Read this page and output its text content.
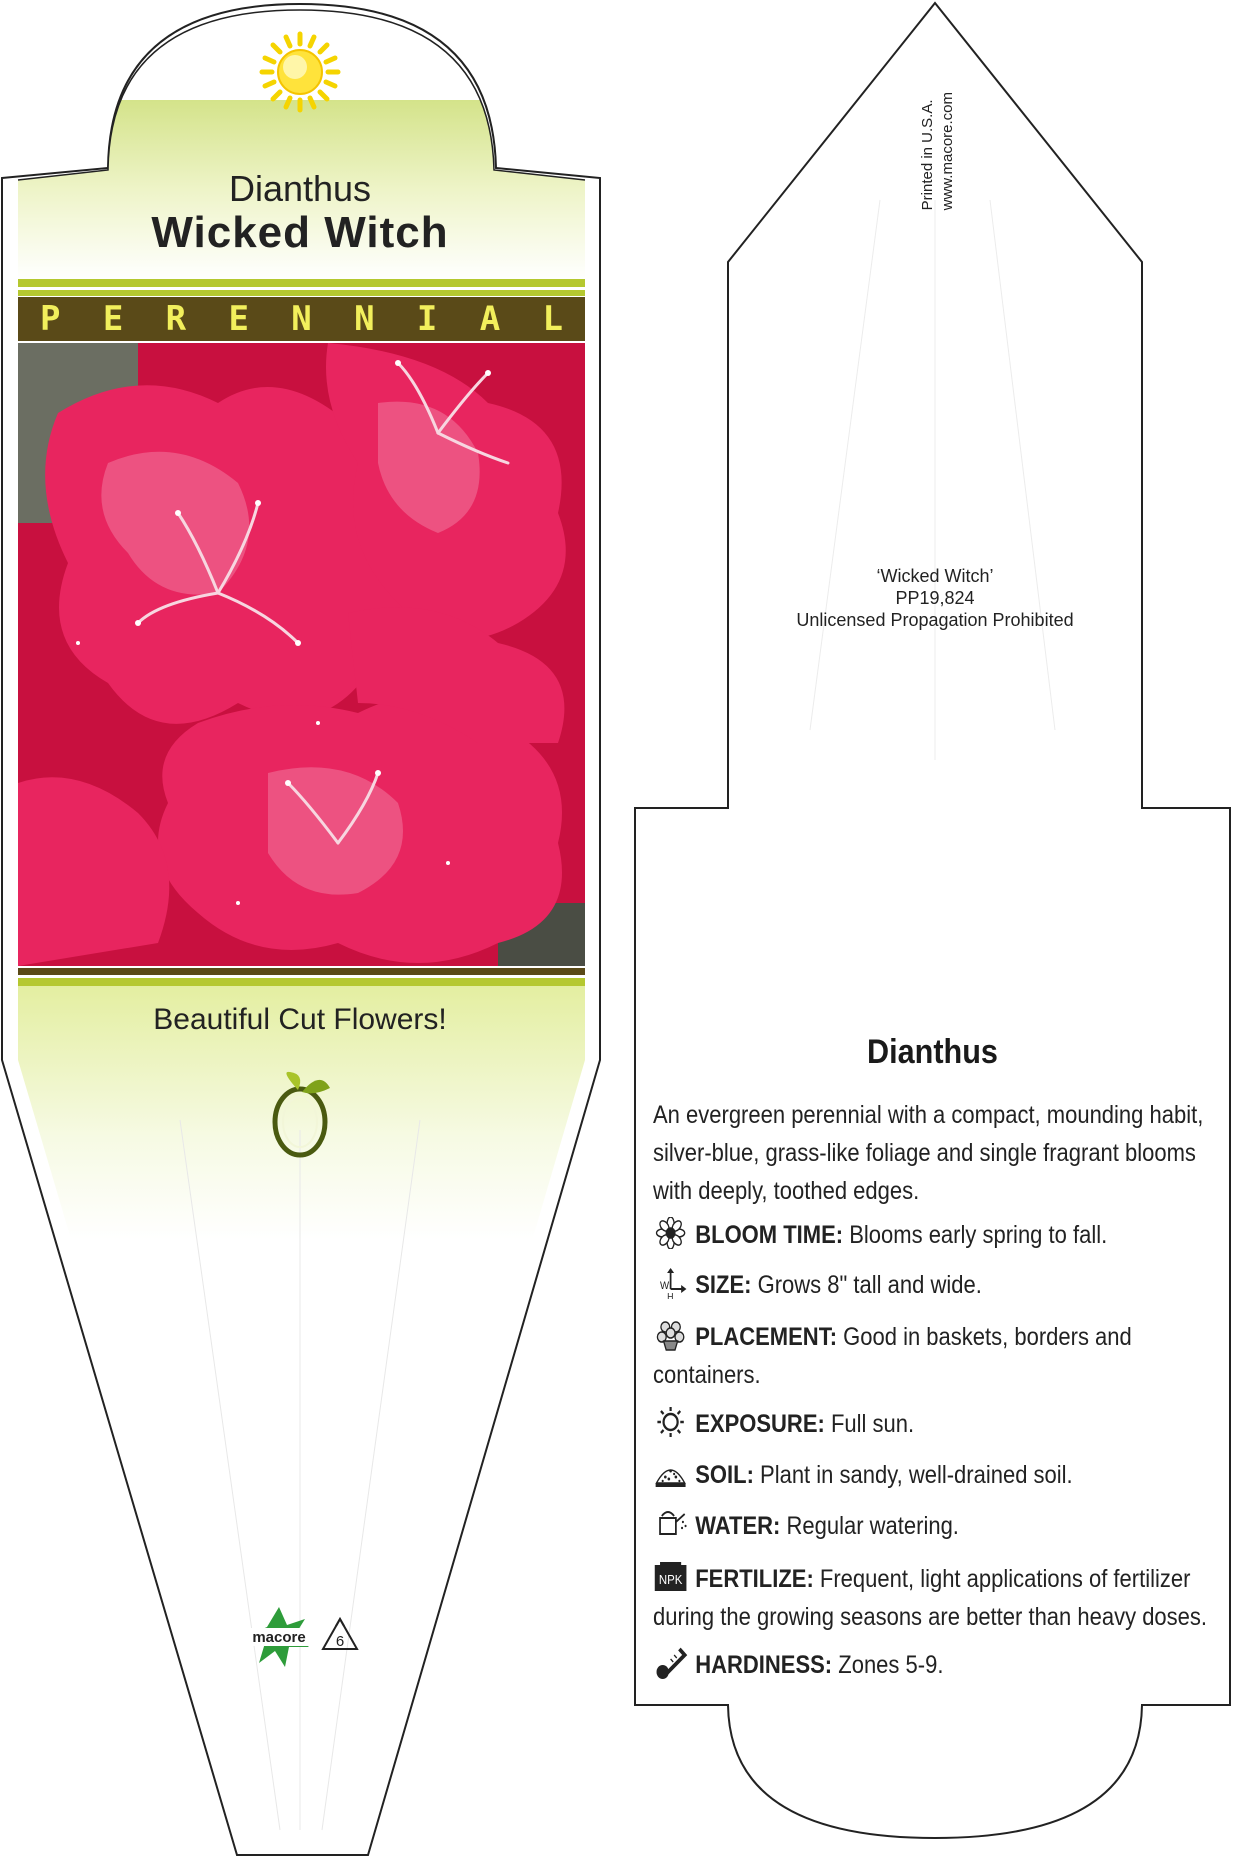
Dianthus
Wicked Witch
P E R E N N I A L
Beautiful Cut Flowers!
macore 6
Printed in U.S.A. www.macore.com
‘Wicked Witch’
PP19,824
Unlicensed Propagation Prohibited
Dianthus
An evergreen perennial with a compact, mounding habit, silver-blue, grass-like foliage and single fragrant blooms with deeply, toothed edges.
BLOOM TIME: Blooms early spring to fall.
W
H SIZE: Grows 8" tall and wide.
PLACEMENT: Good in baskets, borders and containers.
EXPOSURE: Full sun.
SOIL: Plant in sandy, well-drained soil.
WATER: Regular watering.
NPK FERTILIZE: Frequent, light applications of fertilizer during the growing seasons are better than heavy doses.
HARDINESS: Zones 5-9.
